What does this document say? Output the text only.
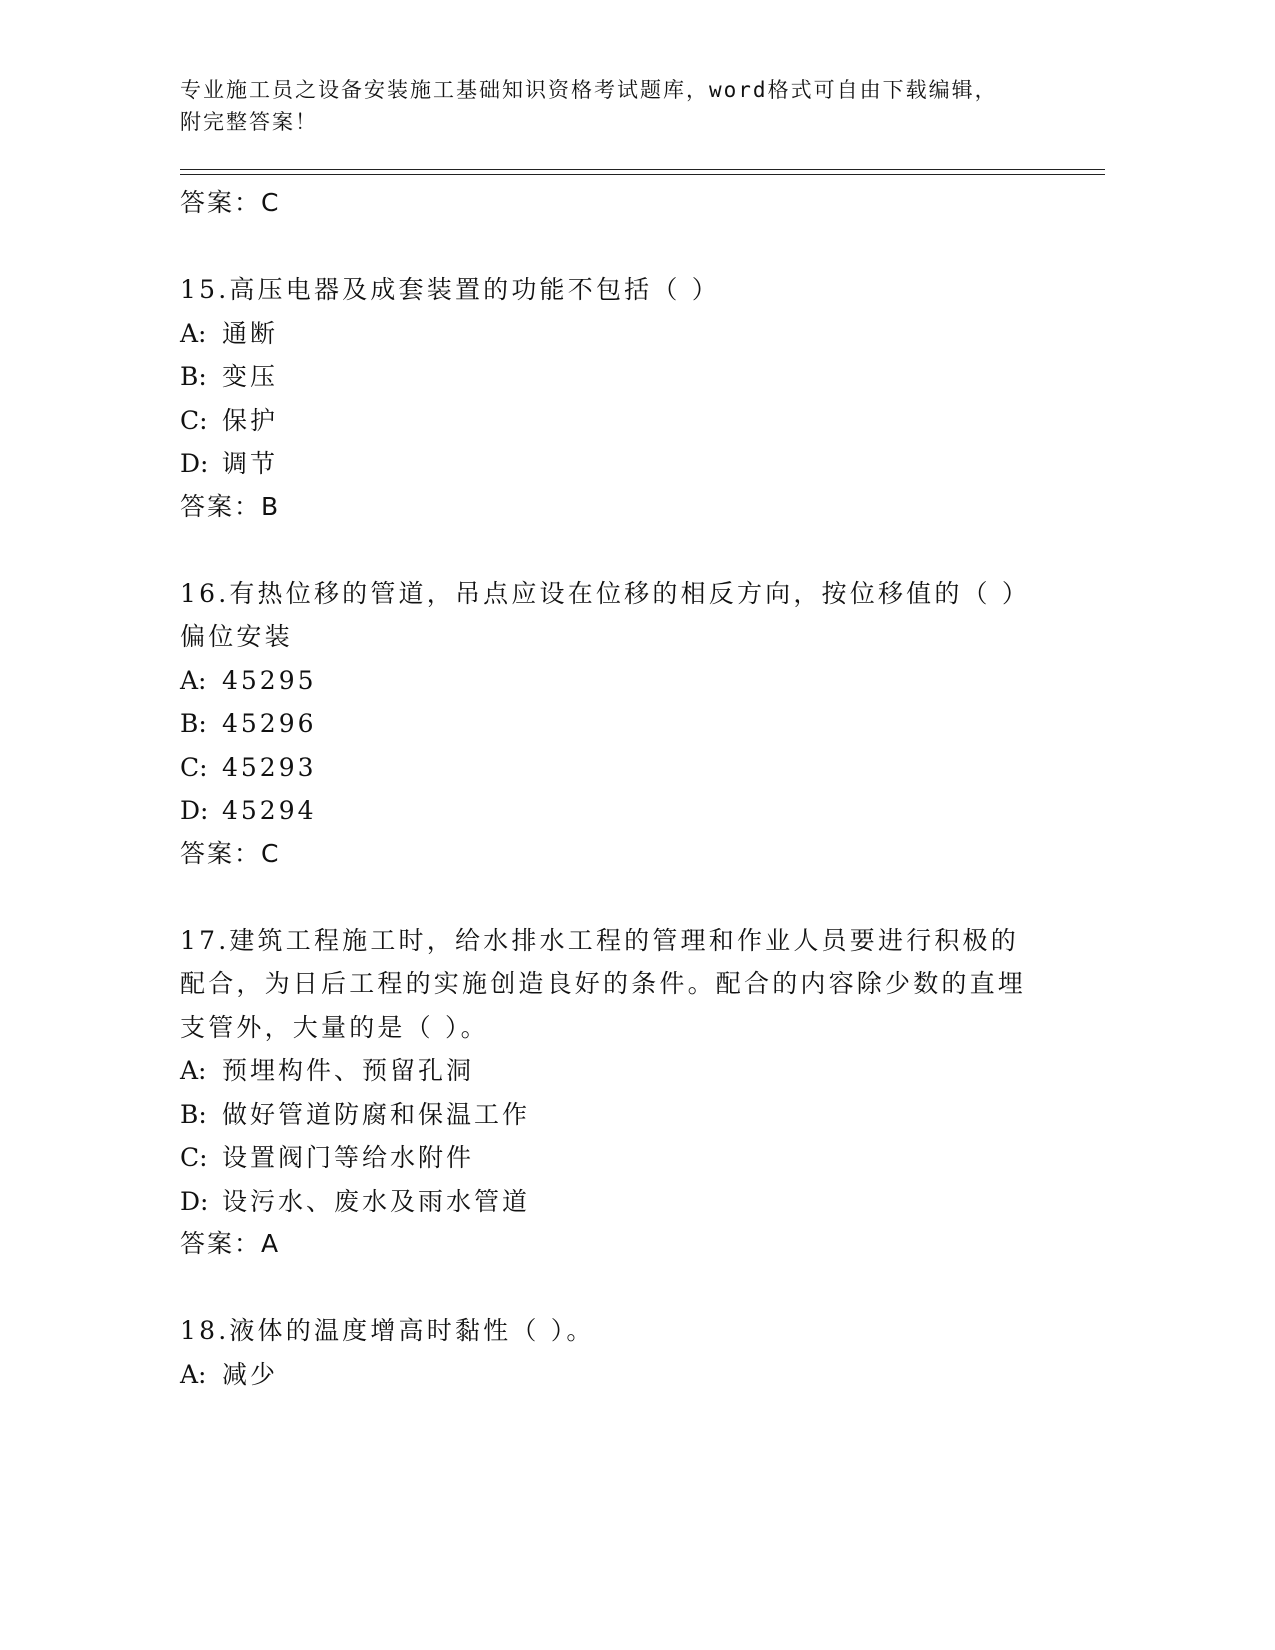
专业施工员之设备安装施工基础知识资格考试题库，word格式可自由下载编辑，
附完整答案！
答案：C
15.高压电器及成套装置的功能不包括（ ）
A: 通断
B: 变压
C: 保护
D: 调节
答案：B
16.有热位移的管道，吊点应设在位移的相反方向，按位移值的（ ）偏位安装
A: 45295
B: 45296
C: 45293
D: 45294
答案：C
17.建筑工程施工时，给水排水工程的管理和作业人员要进行积极的配合，为日后工程的实施创造良好的条件。配合的内容除少数的直埋支管外，大量的是（ ）。
A: 预埋构件、预留孔洞
B: 做好管道防腐和保温工作
C: 设置阀门等给水附件
D: 设污水、废水及雨水管道
答案：A
18.液体的温度增高时黏性（ ）。
A: 减少
